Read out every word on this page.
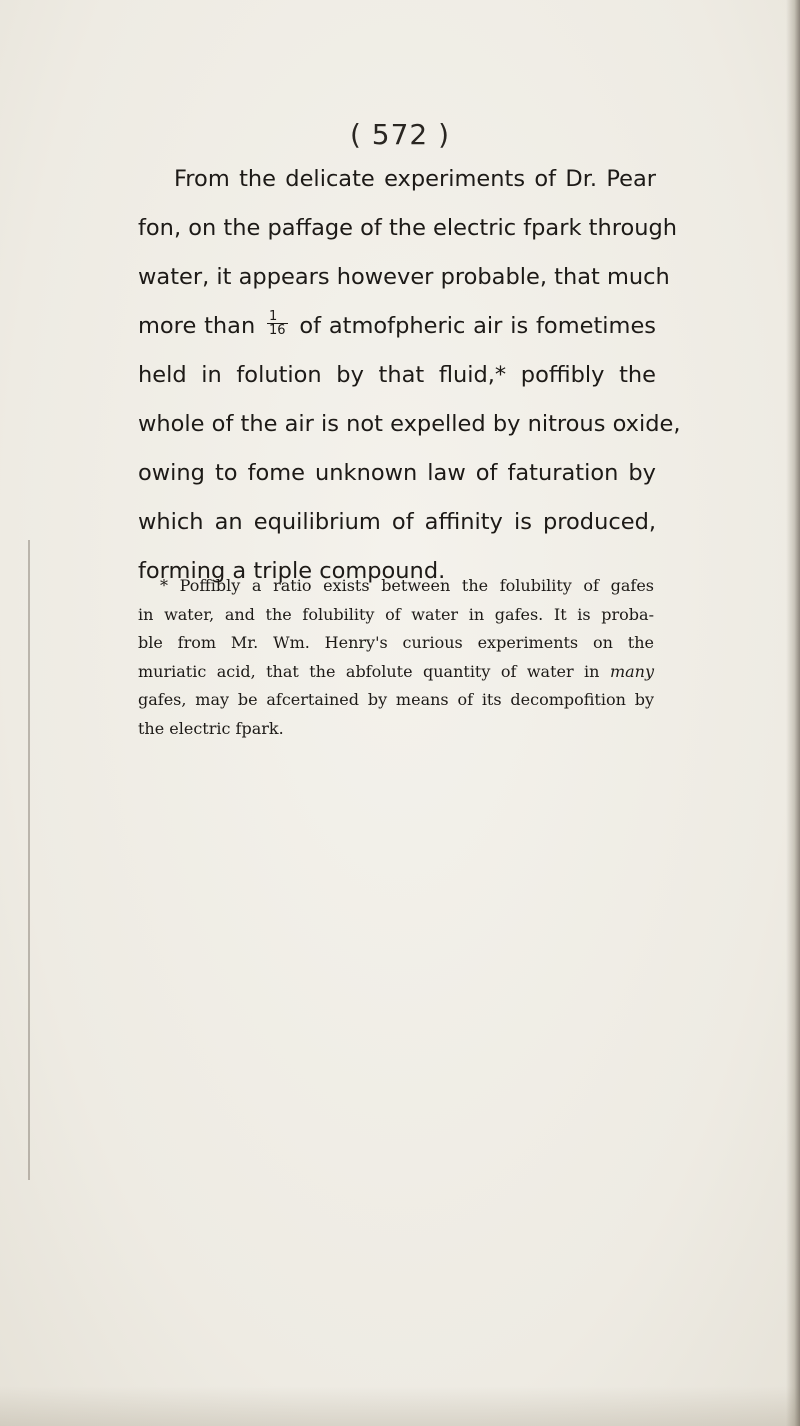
( 572 )
From the delicate experiments of Dr. Pear
fon, on the paffage of the electric fpark through
water, it appears however probable, that much
more than $\frac{1}{16}$ of atmofpheric air is fometimes
held in folution by that fluid,* poffibly the
whole of the air is not expelled by nitrous oxide,
owing to fome unknown law of faturation by
which an equilibrium of affinity is produced,
forming a triple compound.
* Poffibly a ratio exists between the folubility of gafes
in water, and the folubility of water in gafes. It is proba-
ble from Mr. Wm. Henry's curious experiments on the
muriatic acid, that the abfolute quantity of water in many
gafes, may be afcertained by means of its decompofition by
the electric fpark.
